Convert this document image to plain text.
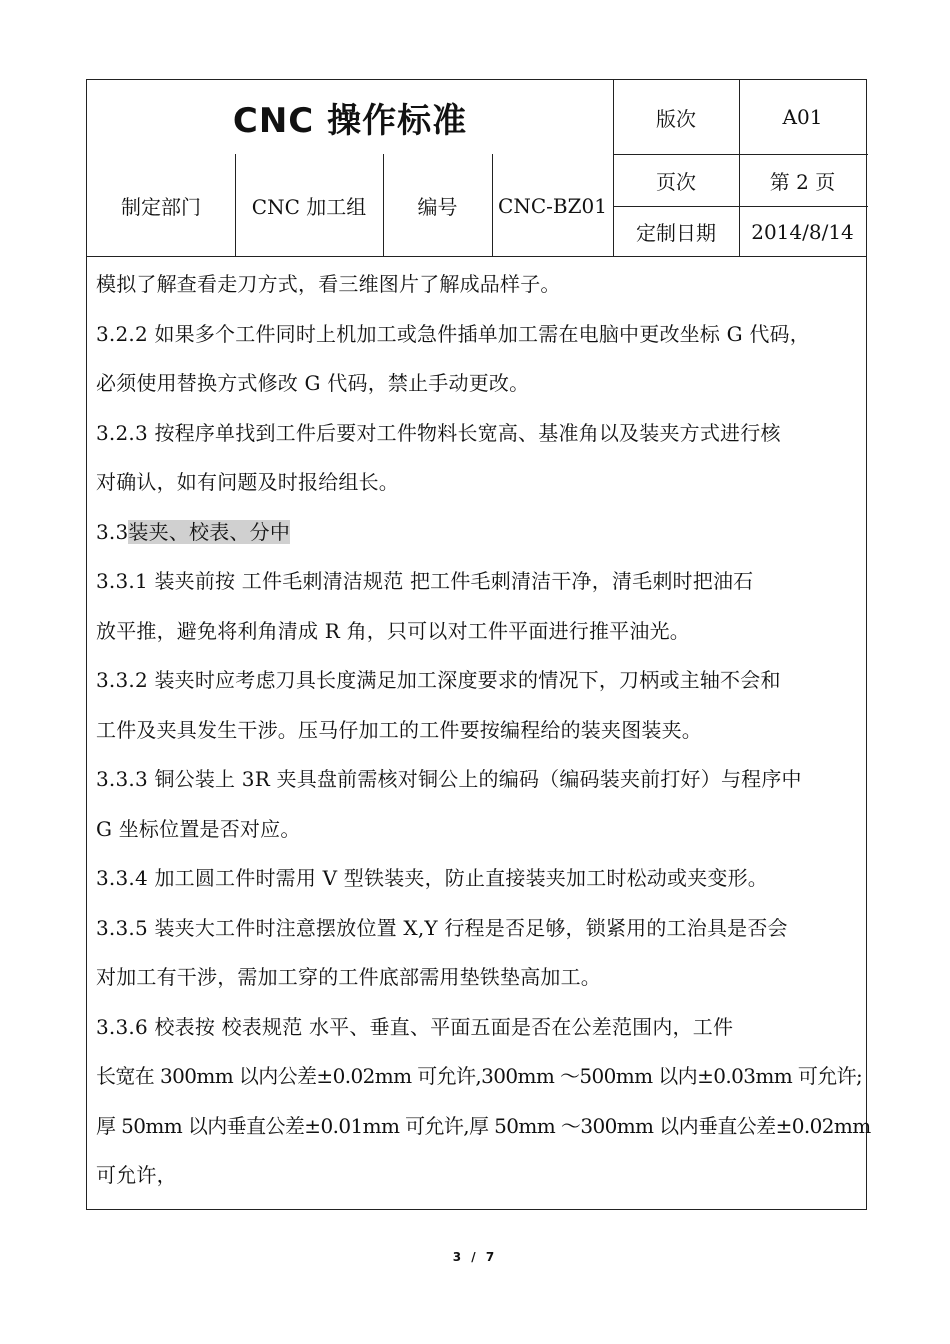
CNC 操作标准	版次	A01
页次	第 2 页
定制日期	2014/8/14
制定部门	CNC 加工组	编号	CNC-BZ01

模拟了解查看走刀方式，看三维图片了解成品样子。

3.2.2 如果多个工件同时上机加工或急件插单加工需在电脑中更改坐标 G 代码，

必须使用替换方式修改 G 代码，禁止手动更改。

3.2.3 按程序单找到工件后要对工件物料长宽高、基准角以及装夹方式进行核

对确认，如有问题及时报给组长。

3.3装夹、校表、分中

3.3.1 装夹前按 工件毛刺清洁规范 把工件毛刺清洁干净，清毛刺时把油石

放平推，避免将利角清成 R 角，只可以对工件平面进行推平油光。

3.3.2 装夹时应考虑刀具长度满足加工深度要求的情况下，刀柄或主轴不会和

工件及夹具发生干涉。压马仔加工的工件要按编程给的装夹图装夹。

3.3.3 铜公装上 3R 夹具盘前需核对铜公上的编码（编码装夹前打好）与程序中

G 坐标位置是否对应。

3.3.4 加工圆工件时需用 V 型铁装夹，防止直接装夹加工时松动或夹变形。

3.3.5 装夹大工件时注意摆放位置 X,Y 行程是否足够，锁紧用的工治具是否会

对加工有干涉，需加工穿的工件底部需用垫铁垫高加工。

3.3.6 校表按 校表规范 水平、垂直、平面五面是否在公差范围内，工件

长宽在 300mm 以内公差±0.02mm 可允许,300mm ～500mm 以内±0.03mm 可允许;

厚 50mm 以内垂直公差±0.01mm 可允许,厚 50mm ～300mm 以内垂直公差±0.02mm

可允许，

3 / 7
